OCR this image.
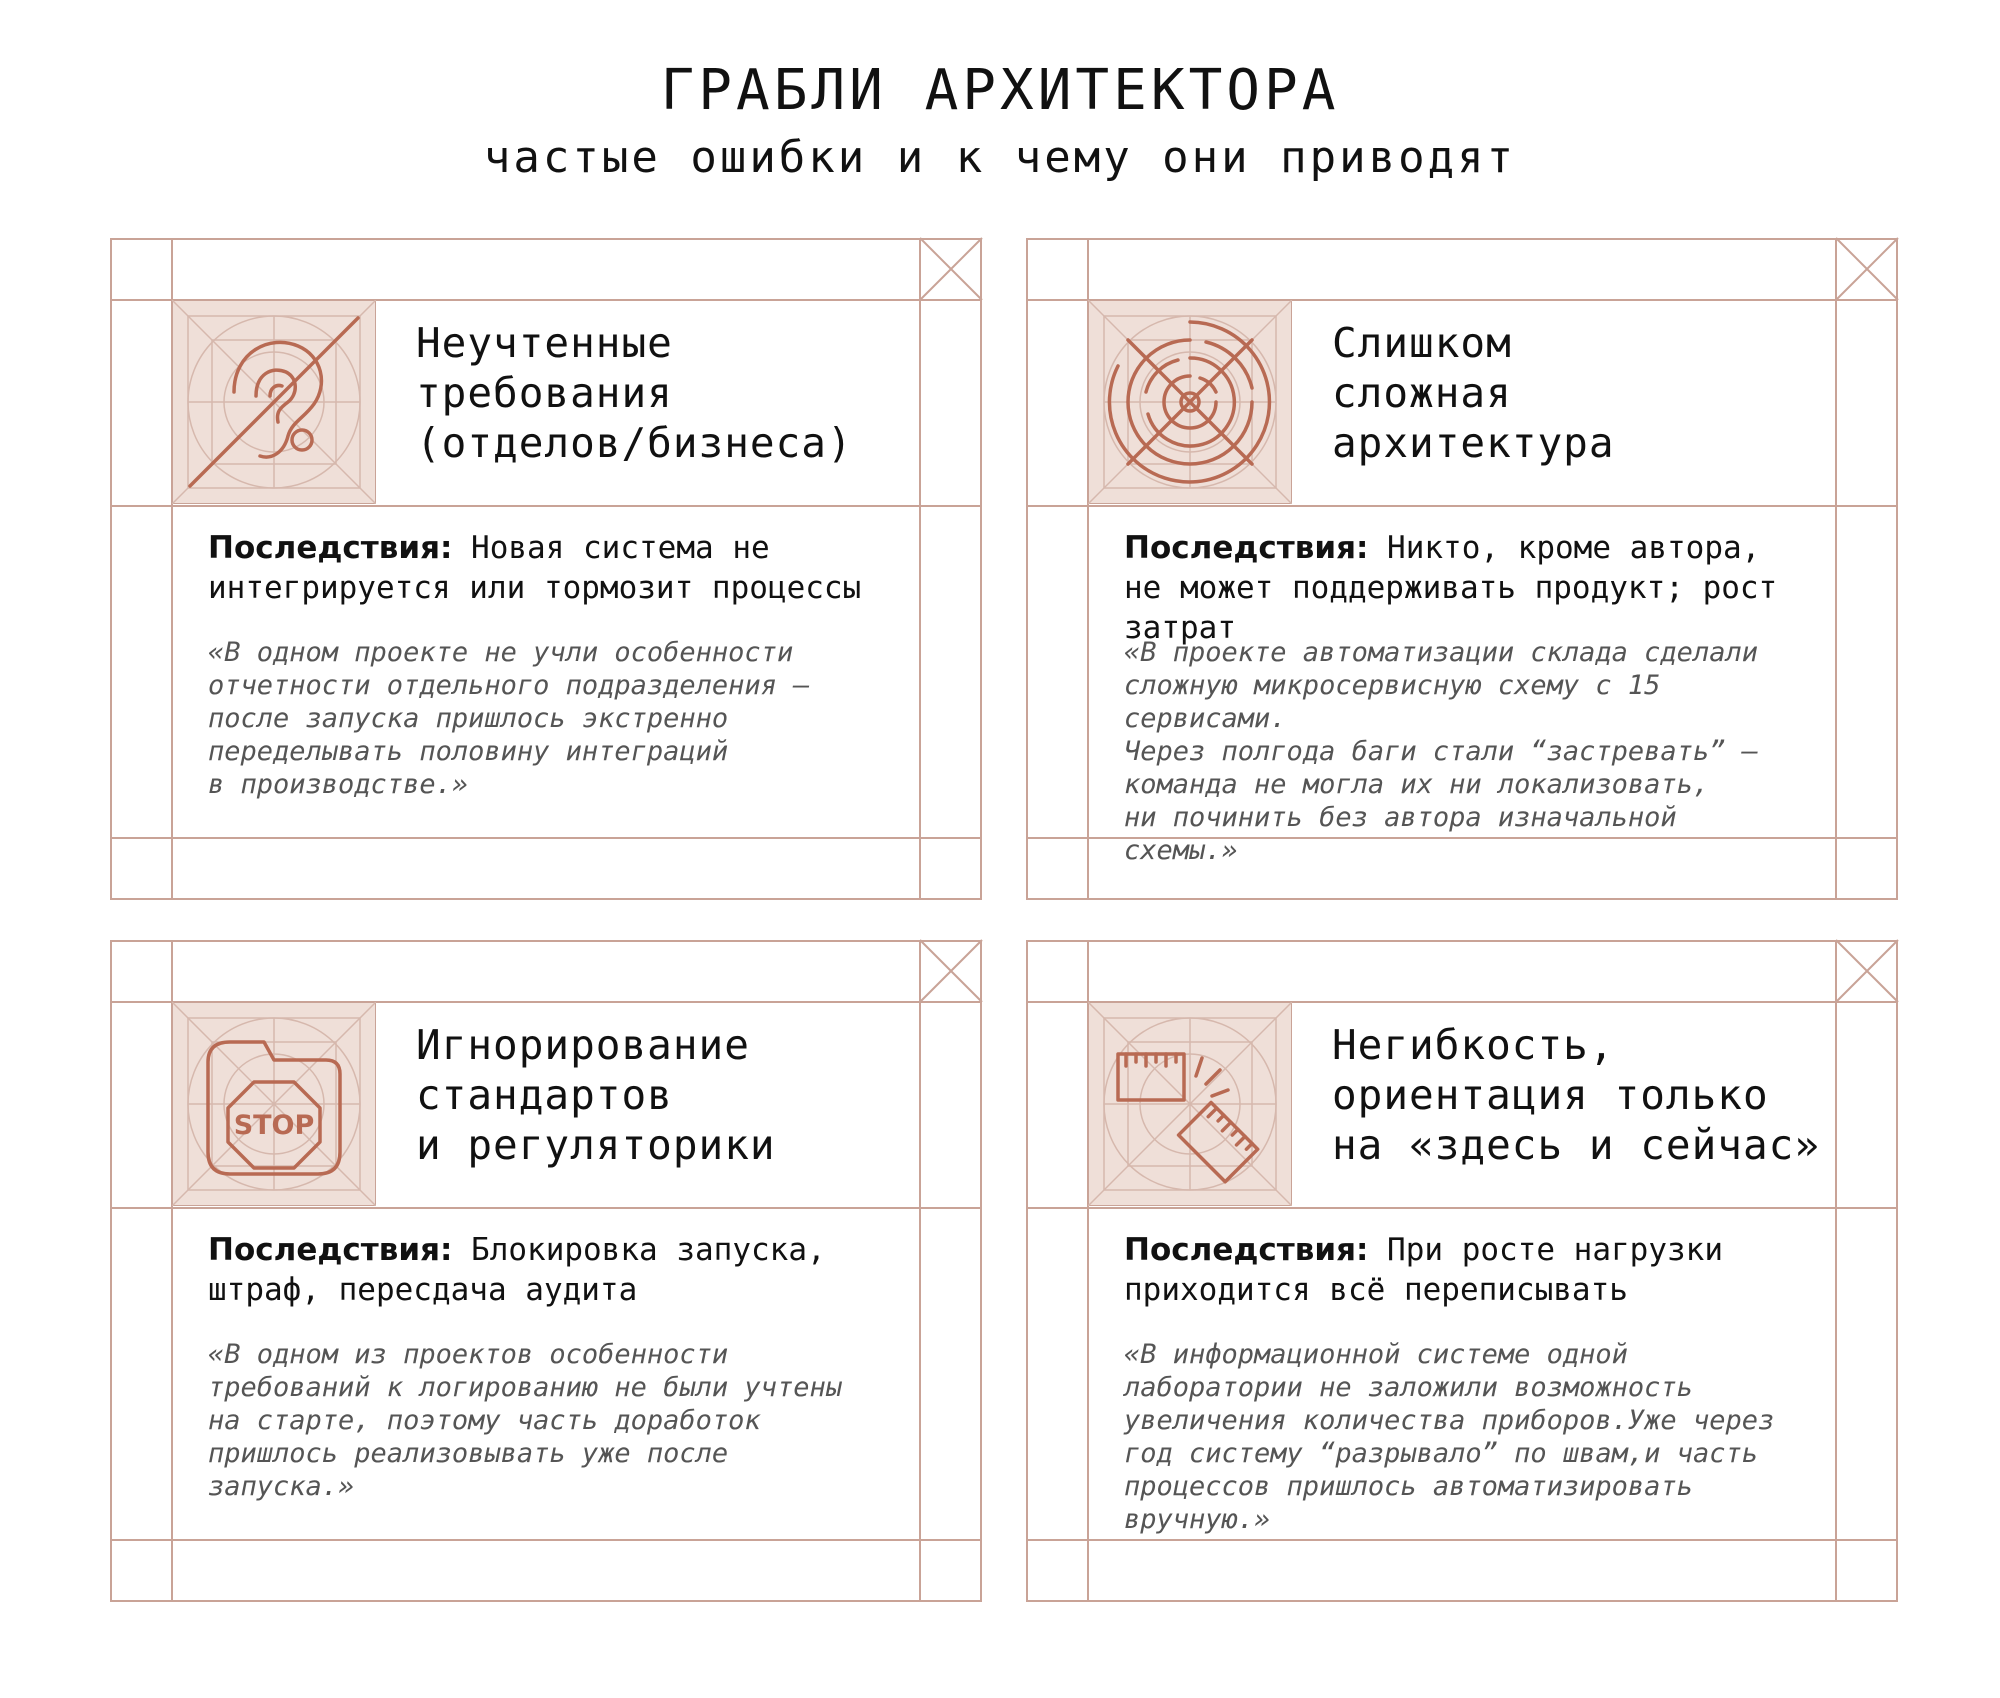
ГРАБЛИ АРХИТЕКТОРА
частые ошибки и к чему они приводят
Неучтенные
требования
(отделов/бизнеса)
Последствия: Новая система не интегрируется или тормозит процессы
«В одном проекте не учли особенности
отчетности отдельного подразделения —
после запуска пришлось экстренно
переделывать половину интеграций
в производстве.»
Слишком
сложная
архитектура
Последствия: Никто, кроме автора, не может поддерживать продукт; рост затрат
«В проекте автоматизации склада сделали
сложную микросервисную схему с 15 сервисами.
Через полгода баги стали “застревать” —
команда не могла их ни локализовать,
ни починить без автора изначальной схемы.»
STOP
Игнорирование
стандартов
и регуляторики
Последствия: Блокировка запуска, штраф, пересдача аудита
«В одном из проектов особенности
требований к логированию не были учтены
на старте, поэтому часть доработок
пришлось реализовывать уже после
запуска.»
Негибкость,
ориентация только
на «здесь и сейчас»
Последствия: При росте нагрузки приходится всё переписывать
«В информационной системе одной
лаборатории не заложили возможность
увеличения количества приборов.Уже через
год систему “разрывало” по швам,и часть
процессов пришлось автоматизировать
вручную.»
